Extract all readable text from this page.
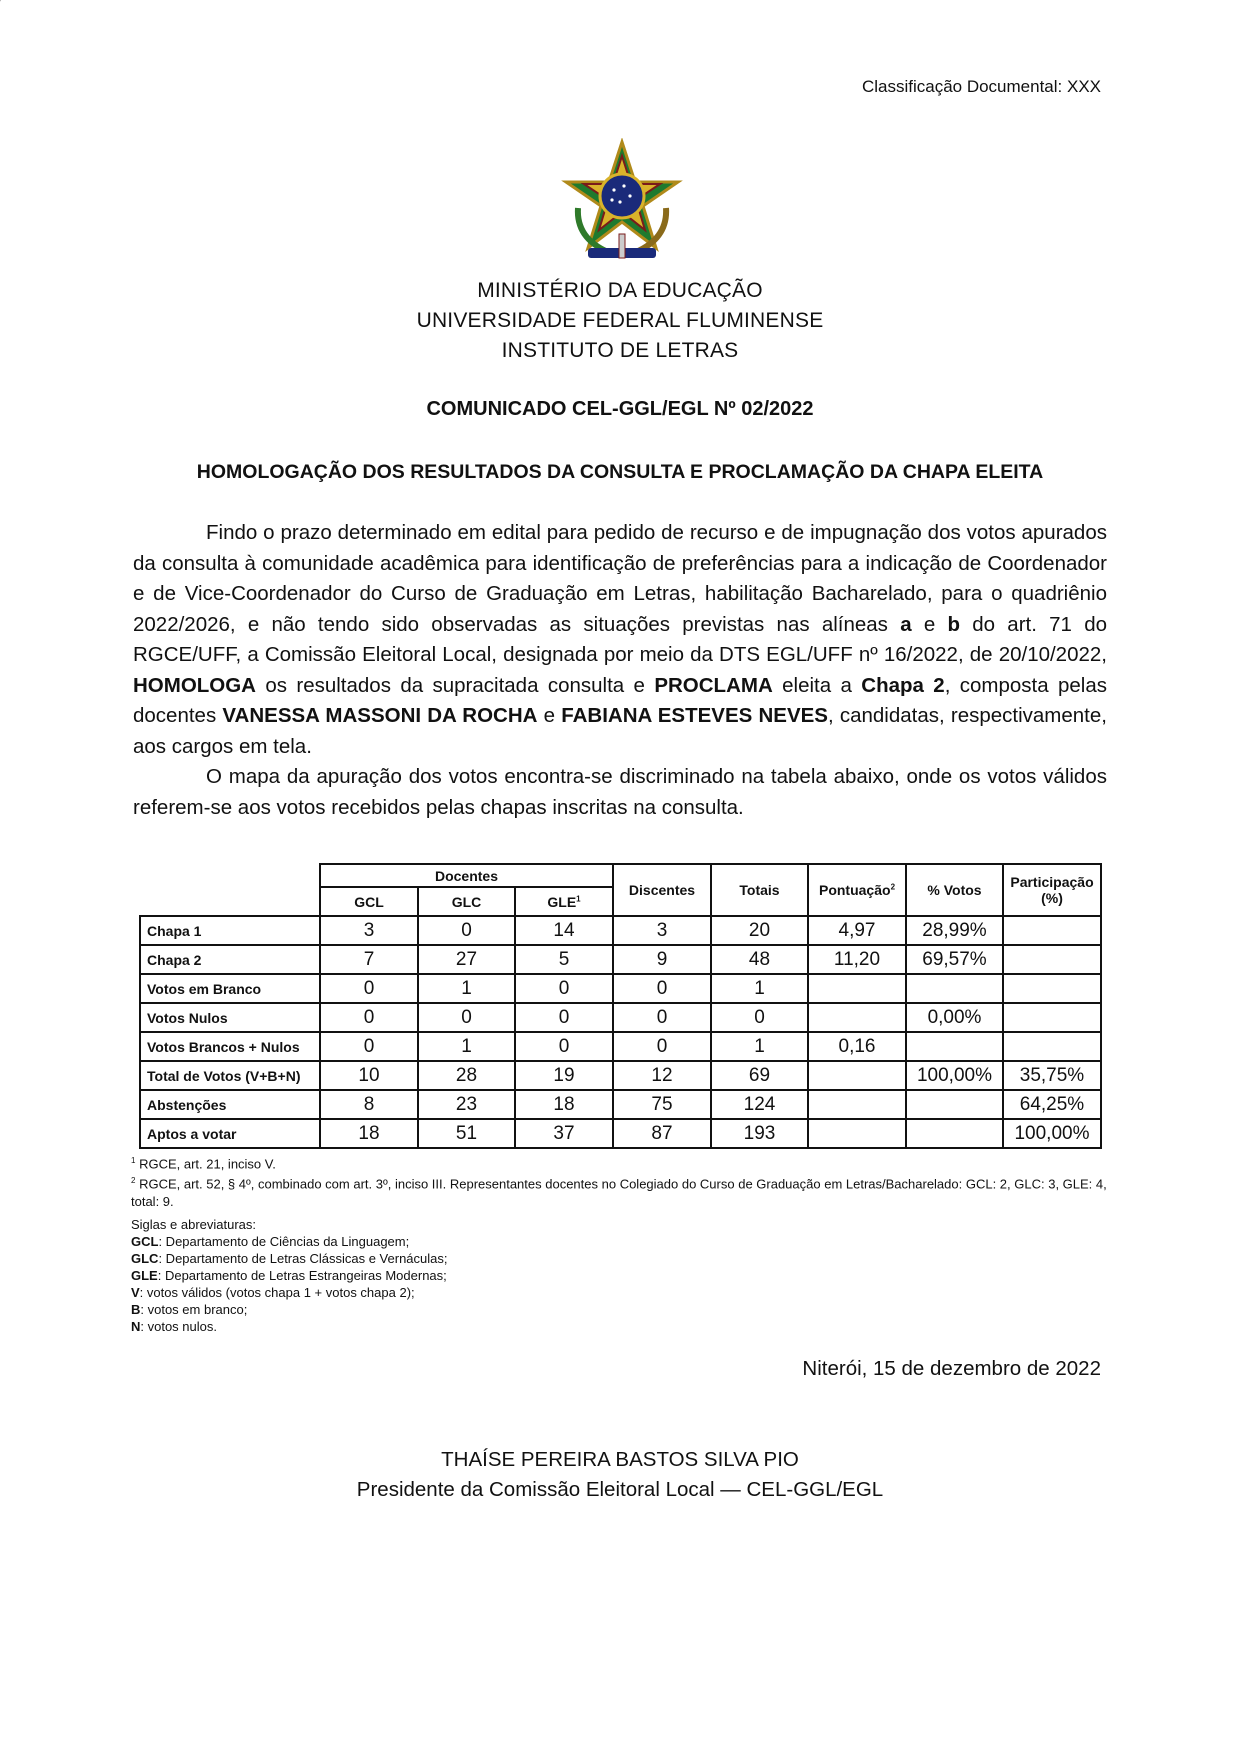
Classificação Documental: XXX
MINISTÉRIO DA EDUCAÇÃO
UNIVERSIDADE FEDERAL FLUMINENSE
INSTITUTO DE LETRAS
COMUNICADO CEL-GGL/EGL Nº 02/2022
HOMOLOGAÇÃO DOS RESULTADOS DA CONSULTA E PROCLAMAÇÃO DA CHAPA ELEITA

Findo o prazo determinado em edital para pedido de recurso e de impugnação dos votos apurados da consulta à comunidade acadêmica para identificação de preferências para a indicação de Coordenador e de Vice-Coordenador do Curso de Graduação em Letras, habilitação Bacharelado, para o quadriênio 2022/2026, e não tendo sido observadas as situações previstas nas alíneas a e b do art. 71 do RGCE/UFF, a Comissão Eleitoral Local, designada por meio da DTS EGL/UFF nº 16/2022, de 20/10/2022, HOMOLOGA os resultados da supracitada consulta e PROCLAMA eleita a Chapa 2, composta pelas docentes VANESSA MASSONI DA ROCHA e FABIANA ESTEVES NEVES, candidatas, respectivamente, aos cargos em tela.

O mapa da apuração dos votos encontra-se discriminado na tabela abaixo, onde os votos válidos referem-se aos votos recebidos pelas chapas inscritas na consulta.

	Docentes			Discentes	Totais	Pontuação$^2$	% Votos	Participação
(%)

	GCL	GLC	GLE$^1$
Chapa 1	3	0	14	3	20	4,97	28,99%	
Chapa 2	7	27	5	9	48	11,20	69,57%	
Votos em Branco	0	1	0	0	1			
Votos Nulos	0	0	0	0	0		0,00%	
Votos Brancos + Nulos	0	1	0	0	1	0,16		
Total de Votos (V+B+N)	10	28	19	12	69		100,00%	35,75%
Abstenções	8	23	18	75	124			64,25%
Aptos a votar	18	51	37	87	193			100,00%
$^1$ RGCE, art. 21, inciso V.
$^2$ RGCE, art. 52, § 4º, combinado com art. 3º, inciso III. Representantes docentes no Colegiado do Curso de Graduação em Letras/Bacharelado: GCL: 2, GLC: 3, GLE: 4, total: 9.
Siglas e abreviaturas:
GCL: Departamento de Ciências da Linguagem;
GLC: Departamento de Letras Clássicas e Vernáculas;
GLE: Departamento de Letras Estrangeiras Modernas;
V: votos válidos (votos chapa 1 + votos chapa 2);
B: votos em branco;
N: votos nulos.
Niterói, 15 de dezembro de 2022
THAÍSE PEREIRA BASTOS SILVA PIO
Presidente da Comissão Eleitoral Local — CEL-GGL/EGL
